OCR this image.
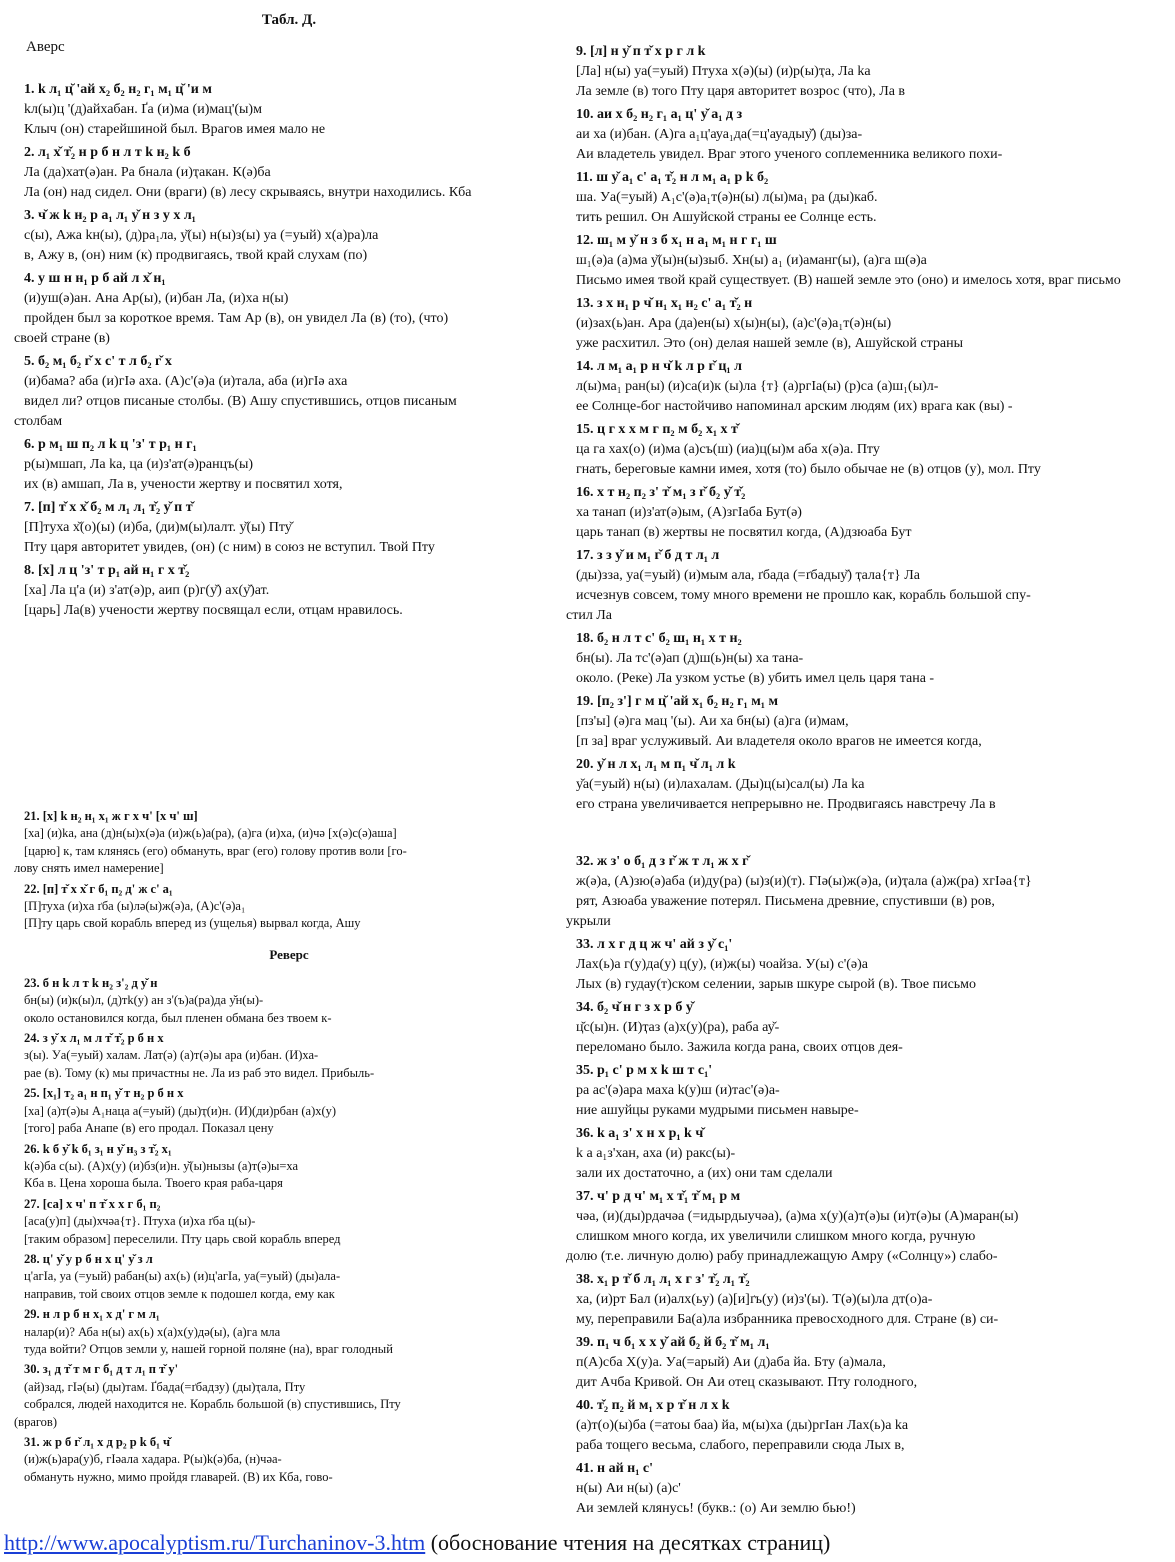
Табл. Д.
Аверс
1. k л₁ ц̆ 'ай х₂ б₂ н₂ г₁ м₁ ц̆ 'и м
kл(ы)ц '(д)айхабан. Ґа (и)ма (и)мац'(ы)м
Клыч (он) старейшиной был. Врагов имея мало не
2. л₁ х̌ т̌₂ н р б н л т k н₂ k б
Ла (да)хат(ə)ан. Ра бнала (и)ҭакан. К(ə)ба
Ла (он) над сидел. Они (враги) (в) лесу скрываясь, внутри находились. Кба
3. ч̌ ж k н₂ р а₁ л₁ у̌ н з у х л₁
с(ы), Ажа kн(ы), (д)ра₁ла, у̌(ы) н(ы)з(ы) уа (=уый) х(а)ра)ла
в, Ажу в, (он) ним (к) продвигаясь, твой край слухам (по)
4. у ш н н₁ р б ай л х̌ н₁
(и)уш(ə)ан. Ана Ар(ы), (и)бан Ла, (и)ха н(ы)
пройден был за короткое время. Там Ар (в), он увидел Ла (в) (то), (что)
своей стране (в)
5. б₂ м₁ б₂ г̌ х с' т л б₂ г̌ х
(и)бама? аба (и)гІə аха. (А)с'(ə)а (и)тала, аба (и)гІə аха
видел ли? отцов писаные столбы. (В) Ашу спустившись, отцов писаным
столбам
6. р м₁ ш п₂ л k ц 'з' т р₁ н г₁
р(ы)мшап, Ла ka, ца (и)з'ат(ə)ранцъ(ы)
их (в) амшап, Ла в, учености жертву и посвятил хотя,
7. [п] т̌ х х̌ б₂ м л₁ л₁ т̌₂ у̌ п т̌
[П]туха х̌(о)(ы) (и)ба, (ди)м(ы)лалт. у̌(ы) Пту̌
Пту царя авторитет увидев, (он) (с ним) в союз не вступил. Твой Пту
8. [х] л ц 'з' т р₁ ай н₁ г х т̌₂
[ха] Ла ц'а (и) з'ат(ə)р, аип (р)г(у̌) ах(у̌)ат.
[царь] Ла(в) учености жертву посвящал если, отцам нравилось.
21. [х] k н₂ н₁ х₁ ж г х ч' [х ч' ш]
[ха] (и)ka, ана (д)н(ы)х(ə)а (и)ж(ь)а(ра), (а)га (и)ха, (и)чə [х(ə)с(ə)аша]
[царю] к, там клянясь (его) обмануть, враг (его) голову против воли [го-
лову снять имел намерение]
22. [п] т̌ х х̌ г б₁ п₂ д' ж с' а₁
[П]туха (и)ха ґба (ы)лə(ы)ж(ə)а, (А)с'(ə)а₁
[П]ту царь свой корабль вперед из (ущелья) вырвал когда, Ашу
Реверс
23. б н k л т k н₂ з'₂ д у̌ н
бн(ы) (и)к(ы)л, (д)тk(у) ан з'(ъ)а(ра)да у̌н(ы)-
около остановился когда, был пленен обмана без твоем к-
24. з у̌ х л₁ м л т̌ т̌₂ р б н х
з(ы). Уа(=уый) халам. Лат(ə) (а)т(ə)ы ара (и)бан. (И)ха-
рае (в). Тому (к) мы причастны не. Ла из раб это видел. Прибыль-
25. [х₁] т₂ а₁ н п₁ у̌ т н₂ р б н х
[ха] (а)т(ə)ы А₁наца а(=уый) (ды)ҭ(и)н. (И)(ди)рбан (а)х(у)
[того] раба Анапе (в) его продал. Показал цену
26. k б у̌ k б₁ з₁ н у̌ н₃ з т̌₂ х₁
k(ə)ба с(ы). (А)х(у) (и)бз(и)н. у̌(ы)нызы (а)т(ə)ы=ха
Кба в. Цена хороша была. Твоего края раба-царя
27. [са] х ч' п т̌ х х г б₁ п₂
[аса(у)п] (ды)хчəа{т}. Птуха (и)ха ґба ц(ы)-
[таким образом] переселили. Пту царь свой корабль вперед
28. ц' у̌ у р б н х ц' у̌ з л
ц'агІа, уа (=уый) рабан(ы) ах(ь) (и)ц'агІа, уа(=уый) (ды)ала-
направив, той своих отцов земле к подошел когда, ему как
29. н л р б н х₁ х д' г м л₁
налар(и)? Аба н(ы) ах(ь) х(а)х(у)дə(ы), (а)га мла
туда войти? Отцов земли у, нашей горной поляне (на), враг голодный
30. з₁ д т̌ т м г б₁ д т л₁ п т̌ у'
(ай)зад, гІə(ы) (ды)там. Ґбада(=ґбадзу) (ды)ҭала, Пту
собрался, людей находится не. Корабль большой (в) спустившись, Пту
(врагов)
31. ж р б г̌ л₁ х д р₂ р k б₁ ч̌
(и)ж(ь)ара(у)б, гІəала хадара. Р(ы)k(ə)ба, (н)чəа-
обмануть нужно, мимо пройдя главарей. (В) их Кба, гово-
9. [л] н у̌ п т̌ х р г л k
[Ла] н(ы) уа(=уый) Птуха х(ə)(ы) (и)р(ы)ҭа, Ла ka
Ла земле (в) того Пту царя авторитет возрос (что), Ла в
10. аи х б₂ н₂ г₁ а₁ ц' у̌ а₁ д з
аи ха (и)бан. (А)га а₁ц'ауа₁да(=ц'ауадыу̌) (ды)за-
Аи владетель увидел. Враг этого ученого соплеменника великого похи-
11. ш у̌ а₁ с' а₁ т̌₂ н л м₁ а₁ р k б₂
ша. Уа(=уый) А₁с'(ə)а₁т(ə)н(ы) л(ы)ма₁ ра (ды)каб.
тить решил. Он Ашуйской страны ее Солнце есть.
12. ш₁ м у̌ н з б х₁ н а₁ м₁ н г г₁ ш
ш₁(ə)а (а)ма у̌(ы)н(ы)зыб. Хн(ы) а₁ (и)аманг(ы), (а)га ш(ə)а
Письмо имея твой край существует. (В) нашей земле это (оно) и имелось хотя, враг письмо
13. з х н₁ р ч̌ н₁ х₁ н₂ с' а₁ т̌₂ н
(и)зах(ь)ан. Ара (да)ен(ы) х(ы)н(ы), (а)с'(ə)а₁т(ə)н(ы)
уже расхитил. Это (он) делая нашей земле (в), Ашуйской страны
14. л м₁ а₁ р н ч̌ k л р г̌ ц₁ л
л(ы)ма₁ ран(ы) (и)са(и)к (ы)ла {т} (а)ргІа(ы) (р)са (а)ш₁(ы)л-
ее Солнце-бог настойчиво напоминал арским людям (их) врага как (вы) -
15. ц г х х м г п₂ м б₂ х₁ х т̌
ца га хах(о) (и)ма (а)съ(ш) (иа)ц(ы)м аба х(ə)а. Пту
гнать, береговые камни имея, хотя (то) было обычае не (в) отцов (у), мол. Пту
16. х т н₂ п₂ з' т̌ м₁ з г̌ б₂ у̌ т̌₂
ха танап (и)з'ат(ə)ым, (А)згІаба Бут(ə)
царь танап (в) жертвы не посвятил когда, (А)дзюаба Бут
17. з з у̌ и м₁ г̌ б д т л₁ л
(ды)зза, уа(=уый) (и)мым ала, ґбада (=ґбадыу̌) ҭала{т} Ла
исчезнув совсем, тому много времени не прошло как, корабль большой спу-
стил Ла
18. б₂ н л т с' б₂ ш₁ н₁ х т н₂
бн(ы). Ла тс'(ə)ап (д)ш(ь)н(ы) ха тана-
около. (Реке) Ла узком устье (в) убить имел цель царя тана -
19. [п₂ з'] г м ц̆ 'ай х₁ б₂ н₂ г₁ м₁ м
[пз'ы] (ə)га мац '(ы). Аи ха бн(ы) (а)га (и)мам,
[п за] враг услуживый. Аи владетеля около врагов не имеется когда,
20. у̌ н л х₁ л₁ м п₁ ч̌ л₁ л k
у̌а(=уый) н(ы) (и)лахалам. (Ды)ц(ы)сал(ы) Ла ka
его страна увеличивается непрерывно не. Продвигаясь навстречу Ла в
32. ж з' о б₁ д з г̌ ж т л₁ ж х г̌
ж(ə)а, (А)зю(ə)аба (и)ду(ра) (ы)з(и)(т). ГІə(ы)ж(ə)а, (и)ҭала (а)ж(ра) хгІəа{т}
рят, Азюаба уважение потерял. Письмена древние, спустивши (в) ров,
укрыли
33. л х г д ц ж ч' ай з у̌ с₁'
Лах(ь)а г(у)да(у) ц(у), (и)ж(ы) чоайза. У(ы) с'(ə)а
Лых (в) гудау(т)ском селении, зарыв шкуре сырой (в). Твое письмо
34. б₂ ч̌ н г з х р б у̌
ц̆с(ы)н. (И)ҭаз (а)х(у)(ра), раба ау̌-
переломано было. Зажила когда рана, своих отцов дея-
35. р₁ с' р м х k ш т с₁'
ра ас'(ə)ара маха k(у)ш (и)тас'(ə)а-
ние ашуйцы руками мудрыми письмен навыре-
36. k а₁ з' х н х р₁ k ч̌
k а а₁з'хан, аха (и) ракс(ы)-
зали их достаточно, а (их) они там сделали
37. ч' р д ч' м₁ х т̌₁ т̌ м₁ р м
чəа, (и)(ды)рдачəа (=идырдыучəа), (а)ма х(у)(а)т(ə)ы (и)т(ə)ы (А)маран(ы)
слишком много когда, их увеличили слишком много когда, ручную
долю (т.е. личную долю) рабу принадлежащую Амру («Солнцу») слабо-
38. х₁ р т̌ б л₁ л₁ х г з' т̌₂ л₁ т̌₂
ха, (и)рт Бал (и)алх(ьу) (а)[и]ґъ(у) (и)з'(ы). Т(ə)(ы)ла дт(о)а-
му, переправили Ба(а)ла избранника превосходного для. Стране (в) си-
39. п₁ ч б₁ х х у̌ ай б₂ й б₂ т̌ м₁ л₁
п(А)сба Х(у)а. Уа(=арый) Аи (д)аба йа. Бту (а)мала,
дит Ачба Кривой. Он Аи отец сказывают. Пту голодного,
40. т̌₂ п₂ й м₁ х р т̌ н л х k
(а)т(о)(ы)ба (=атоы баа) йа, м(ы)ха (ды)ргІан Лах(ь)а ka
раба тощего весьма, слабого, переправили сюда Лых в,
41. н ай н₁ с'
н(ы) Аи н(ы) (а)с'
Аи землей клянусь! (букв.: (о) Аи землю бью!)
http://www.apocalyptism.ru/Turchaninov-3.htm (обоснование чтения на десятках страниц)
